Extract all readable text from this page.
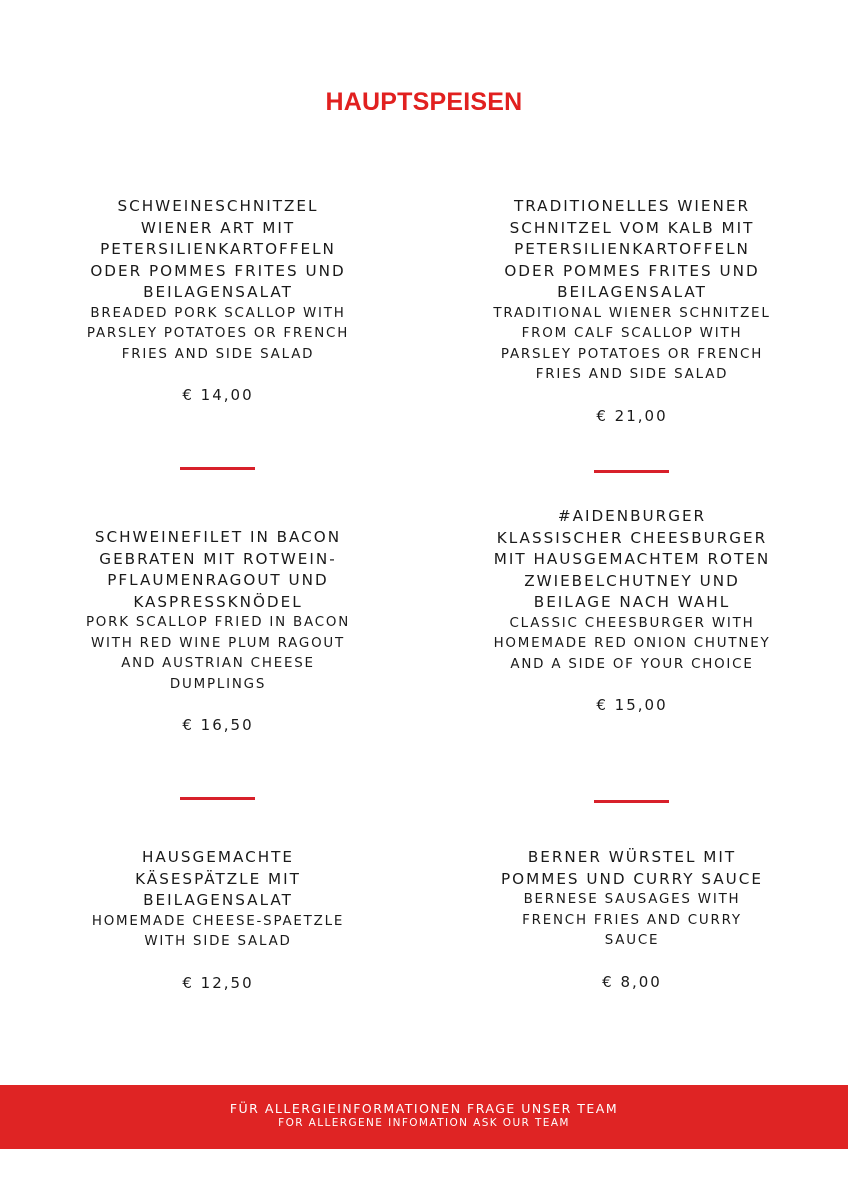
HAUPTSPEISEN

SCHWEINESCHNITZEL WIENER ART MIT PETERSILIENKARTOFFELN ODER POMMES FRITES UND BEILAGENSALAT

BREADED PORK SCALLOP WITH PARSLEY POTATOES OR FRENCH FRIES AND SIDE SALAD

€ 14,00

TRADITIONELLES WIENER SCHNITZEL VOM KALB MIT PETERSILIENKARTOFFELN ODER POMMES FRITES UND BEILAGENSALAT

TRADITIONAL WIENER SCHNITZEL FROM CALF SCALLOP WITH PARSLEY POTATOES OR FRENCH FRIES AND SIDE SALAD

€ 21,00

SCHWEINEFILET IN BACON GEBRATEN MIT ROTWEIN-PFLAUMENRAGOUT UND KASPRESSKNÖDEL

PORK SCALLOP FRIED IN BACON WITH RED WINE PLUM RAGOUT AND AUSTRIAN CHEESE DUMPLINGS

€ 16,50

#AIDENBURGER KLASSISCHER CHEESBURGER MIT HAUSGEMACHTEM ROTEN ZWIEBELCHUTNEY UND BEILAGE NACH WAHL

CLASSIC CHEESBURGER WITH HOMEMADE RED ONION CHUTNEY AND A SIDE OF YOUR CHOICE

€ 15,00

HAUSGEMACHTE KÄSESPÄTZLE MIT BEILAGENSALAT

HOMEMADE CHEESE-SPAETZLE WITH SIDE SALAD

€ 12,50

BERNER WÜRSTEL MIT POMMES UND CURRY SAUCE

BERNESE SAUSAGES WITH FRENCH FRIES AND CURRY SAUCE

€ 8,00
FÜR ALLERGIEINFORMATIONEN FRAGE UNSER TEAM
FOR ALLERGENE INFOMATION ASK OUR TEAM
